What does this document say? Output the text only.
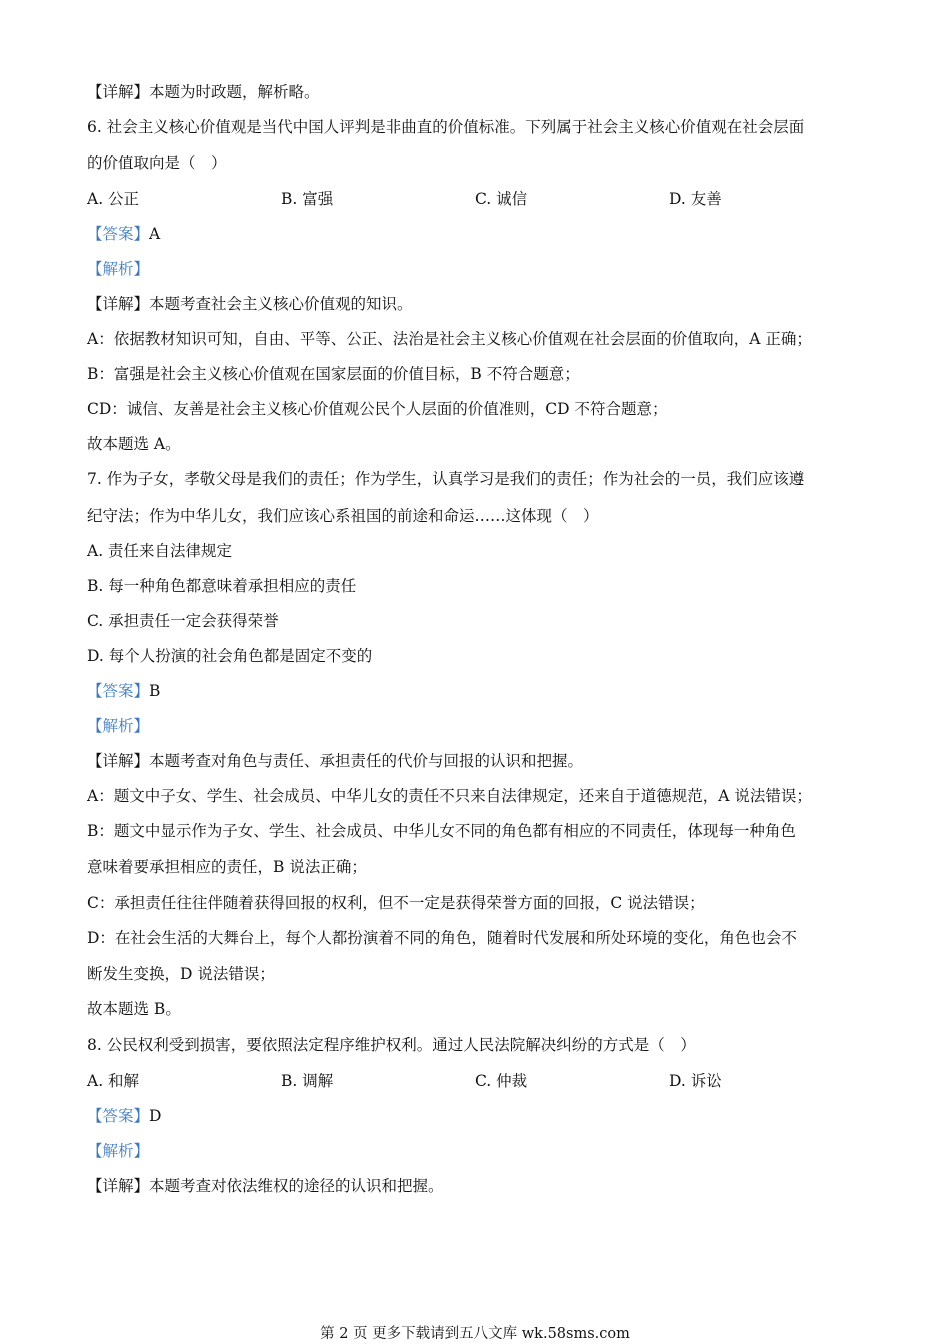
【详解】本题为时政题，解析略。
6. 社会主义核心价值观是当代中国人评判是非曲直的价值标准。下列属于社会主义核心价值观在社会层面
的价值取向是（　）
A. 公正	B. 富强	C. 诚信	D. 友善
【答案】A
【解析】
【详解】本题考查社会主义核心价值观的知识。
A：依据教材知识可知，自由、平等、公正、法治是社会主义核心价值观在社会层面的价值取向，A 正确；
B：富强是社会主义核心价值观在国家层面的价值目标，B 不符合题意；
CD：诚信、友善是社会主义核心价值观公民个人层面的价值准则，CD 不符合题意；
故本题选 A。
7. 作为子女，孝敬父母是我们的责任；作为学生，认真学习是我们的责任；作为社会的一员，我们应该遵
纪守法；作为中华儿女，我们应该心系祖国的前途和命运……这体现（　）
A. 责任来自法律规定
B. 每一种角色都意味着承担相应的责任
C. 承担责任一定会获得荣誉
D. 每个人扮演的社会角色都是固定不变的
【答案】B
【解析】
【详解】本题考查对角色与责任、承担责任的代价与回报的认识和把握。
A：题文中子女、学生、社会成员、中华儿女的责任不只来自法律规定，还来自于道德规范，A 说法错误；
B：题文中显示作为子女、学生、社会成员、中华儿女不同的角色都有相应的不同责任，体现每一种角色
意味着要承担相应的责任，B 说法正确；
C：承担责任往往伴随着获得回报的权利，但不一定是获得荣誉方面的回报，C 说法错误；
D：在社会生活的大舞台上，每个人都扮演着不同的角色，随着时代发展和所处环境的变化，角色也会不
断发生变换，D 说法错误；
故本题选 B。
8. 公民权利受到损害，要依照法定程序维护权利。通过人民法院解决纠纷的方式是（　）
A. 和解	B. 调解	C. 仲裁	D. 诉讼
【答案】D
【解析】
【详解】本题考查对依法维权的途径的认识和把握。
第 2 页 更多下载请到五八文库 wk.58sms.com
